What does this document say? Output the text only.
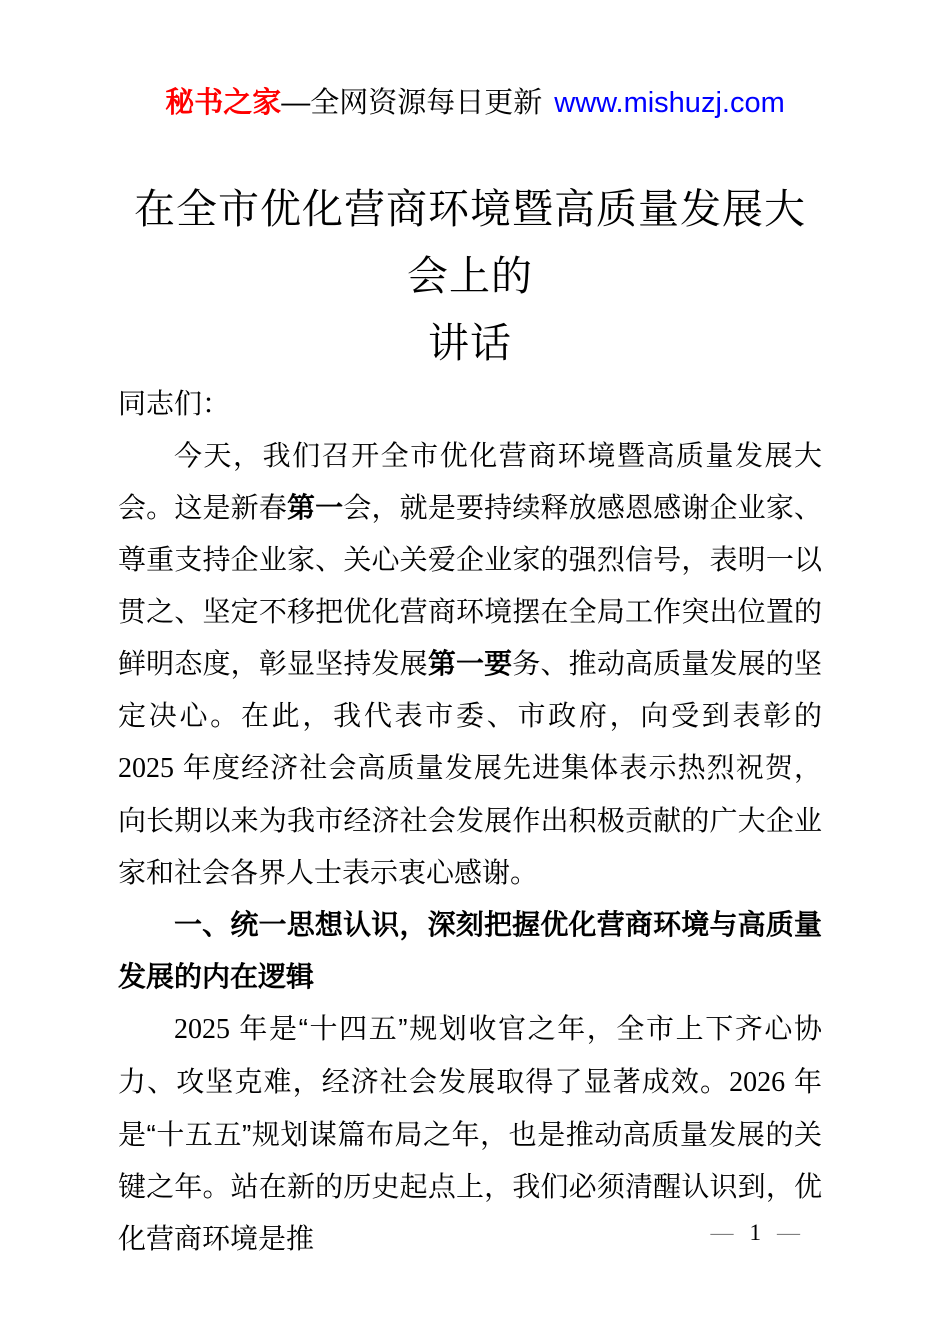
秘书之家—全网资源每日更新 www.mishuzj.com
在全市优化营商环境暨高质量发展大会上的
讲话

同志们：

今天，我们召开全市优化营商环境暨高质量发展大会。这是新春第一会，就是要持续释放感恩感谢企业家、尊重支持企业家、关心关爱企业家的强烈信号，表明一以贯之、坚定不移把优化营商环境摆在全局工作突出位置的鲜明态度，彰显坚持发展第一要务、推动高质量发展的坚定决心。在此，我代表市委、市政府，向受到表彰的 2025 年度经济社会高质量发展先进集体表示热烈祝贺，向长期以来为我市经济社会发展作出积极贡献的广大企业家和社会各界人士表示衷心感谢。

一、统一思想认识，深刻把握优化营商环境与高质量发展的内在逻辑

2025 年是“十四五”规划收官之年，全市上下齐心协力、攻坚克难，经济社会发展取得了显著成效。2026 年是“十五五”规划谋篇布局之年，也是推动高质量发展的关键之年。站在新的历史起点上，我们必须清醒认识到，优化营商环境是推	— 1 —
